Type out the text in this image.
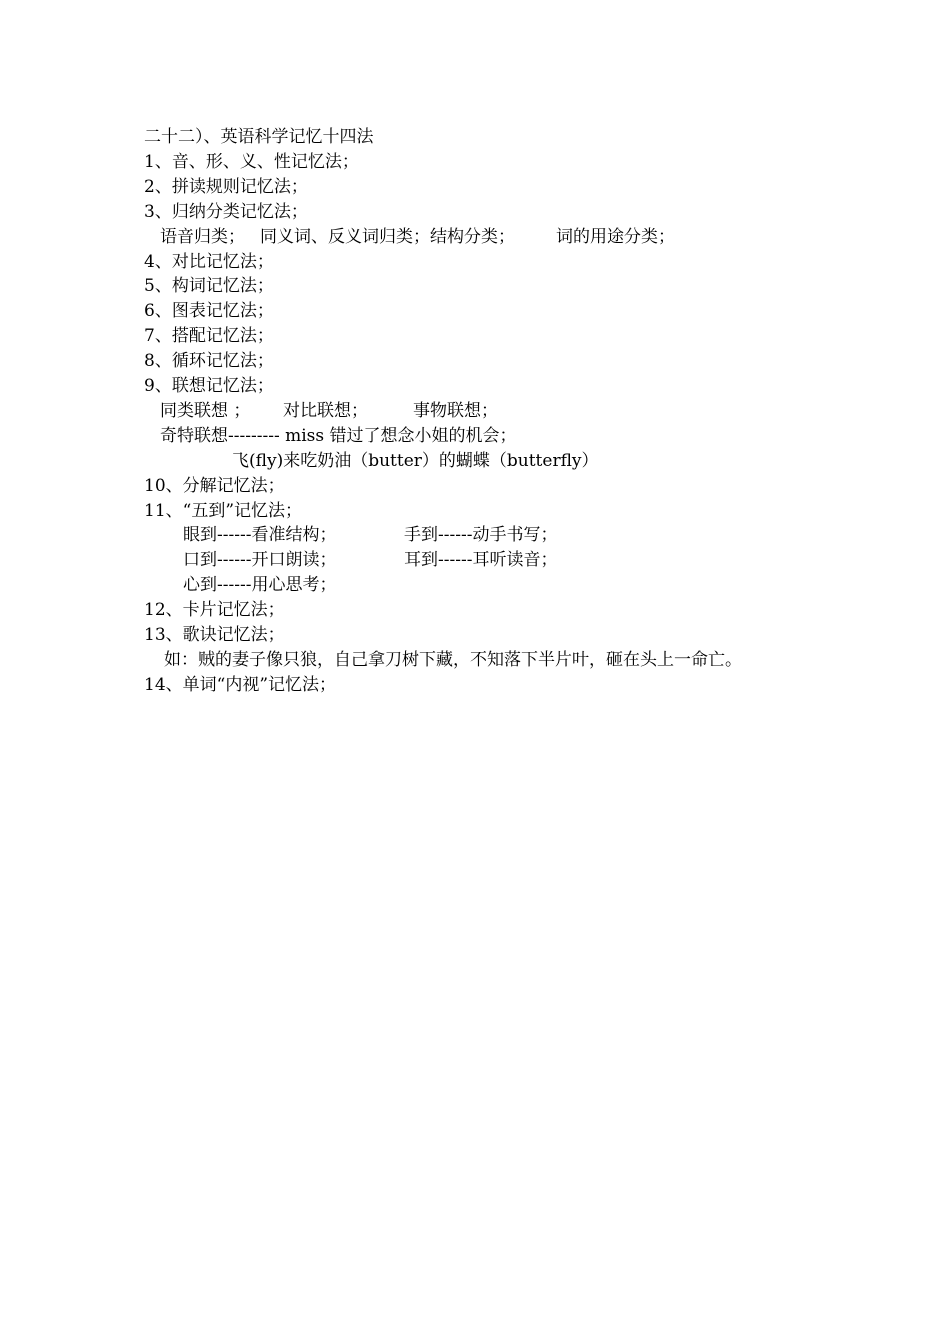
二十二）、英语科学记忆十四法
1、音、形、义、性记忆法；
2、拼读规则记忆法；
3、归纳分类记忆法；
语音归类； 同义词、反义词归类；结构分类； 词的用途分类；
4、对比记忆法；
5、构词记忆法；
6、图表记忆法；
7、搭配记忆法；
8、循环记忆法；
9、联想记忆法；
同类联想 ； 对比联想；	事物联想；
奇特联想--------- miss 错过了想念小姐的机会；
飞(fly)来吃奶油（butter）的蝴蝶（butterfly）
10、分解记忆法；
11、“五到”记忆法；
眼到------看准结构；	手到------动手书写；
口到------开口朗读；	耳到------耳听读音；
心到------用心思考；
12、卡片记忆法；
13、歌诀记忆法；
如：贼的妻子像只狼，自己拿刀树下藏，不知落下半片叶，砸在头上一命亡。
14、单词“内视”记忆法；
